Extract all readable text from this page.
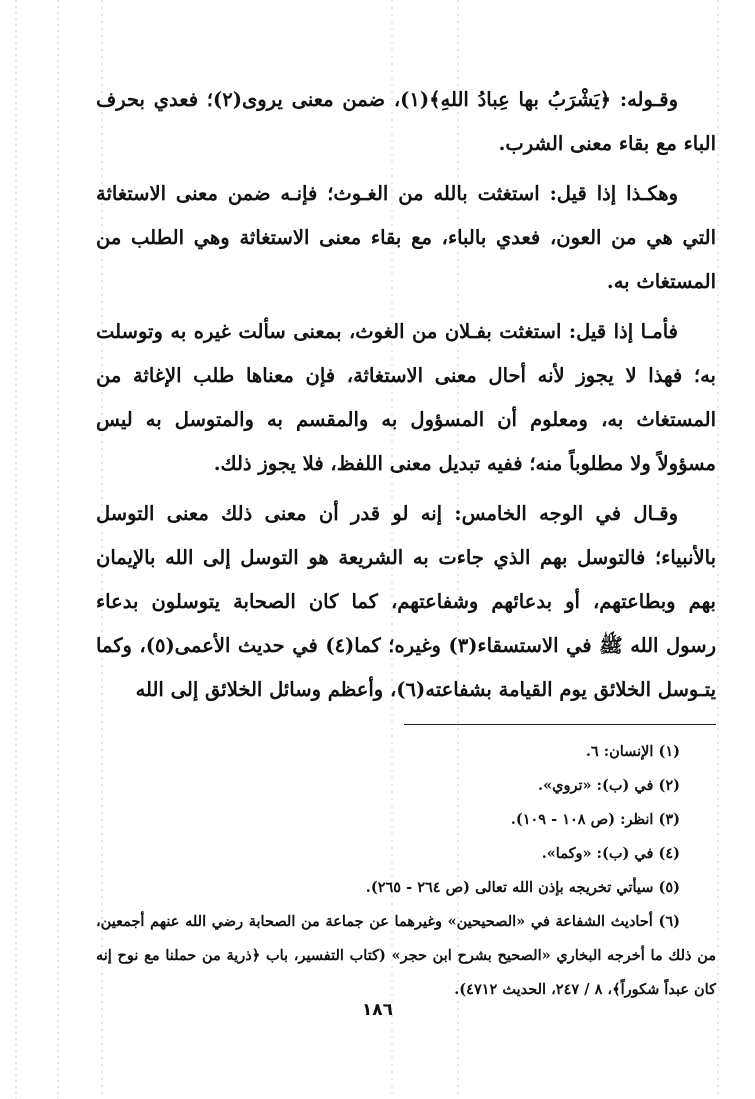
وقـوله: ﴿يَشْرَبُ بها عِبادُ اللهِ﴾(١)، ضمن معنى يروى(٢)؛ فعدي بحرف الباء مع بقاء معنى الشرب.

وهكـذا إذا قيل: استغثت بالله من الغـوث؛ فإنـه ضمن معنى الاستغاثة التي هي من العون، فعدي بالباء، مع بقاء معنى الاستغاثة وهي الطلب من المستغاث به.

فأمـا إذا قيل: استغثت بفـلان من الغوث، بمعنى سألت غيره به وتوسلت به؛ فهذا لا يجوز لأنه أحال معنى الاستغاثة، فإن معناها طلب الإغاثة من المستغاث به، ومعلوم أن المسؤول به والمقسم به والمتوسل به ليس مسؤولاً ولا مطلوباً منه؛ ففيه تبديل معنى اللفظ، فلا يجوز ذلك.

وقـال في الوجه الخامس: إنه لو قدر أن معنى ذلك معنى التوسل بالأنبياء؛ فالتوسل بهم الذي جاءت به الشريعة هو التوسل إلى الله بالإيمان بهم وبطاعتهم، أو بدعائهم وشفاعتهم، كما كان الصحابة يتوسلون بدعاء رسول الله ﷺ في الاستسقاء(٣) وغيره؛ كما(٤) في حديث الأعمى(٥)، وكما يتـوسل الخلائق يوم القيامة بشفاعته(٦)، وأعظم وسائل الخلائق إلى الله

(١) الإنسان: ٦.

(٢) في (ب): «تروي».

(٣) انظر: (ص ١٠٨ - ١٠٩).

(٤) في (ب): «وكما».

(٥) سيأتي تخريجه بإذن الله تعالى (ص ٢٦٤ - ٢٦٥).

(٦) أحاديث الشفاعة في «الصحيحين» وغيرهما عن جماعة من الصحابة رضي الله عنهم أجمعين، من ذلك ما أخرجه البخاري «الصحيح بشرح ابن حجر» (كتاب التفسير، باب ﴿ذرية من حملنا مع نوح إنه كان عبداً شكوراً﴾، ٨ / ٢٤٧، الحديث ٤٧١٢).

١٨٦
